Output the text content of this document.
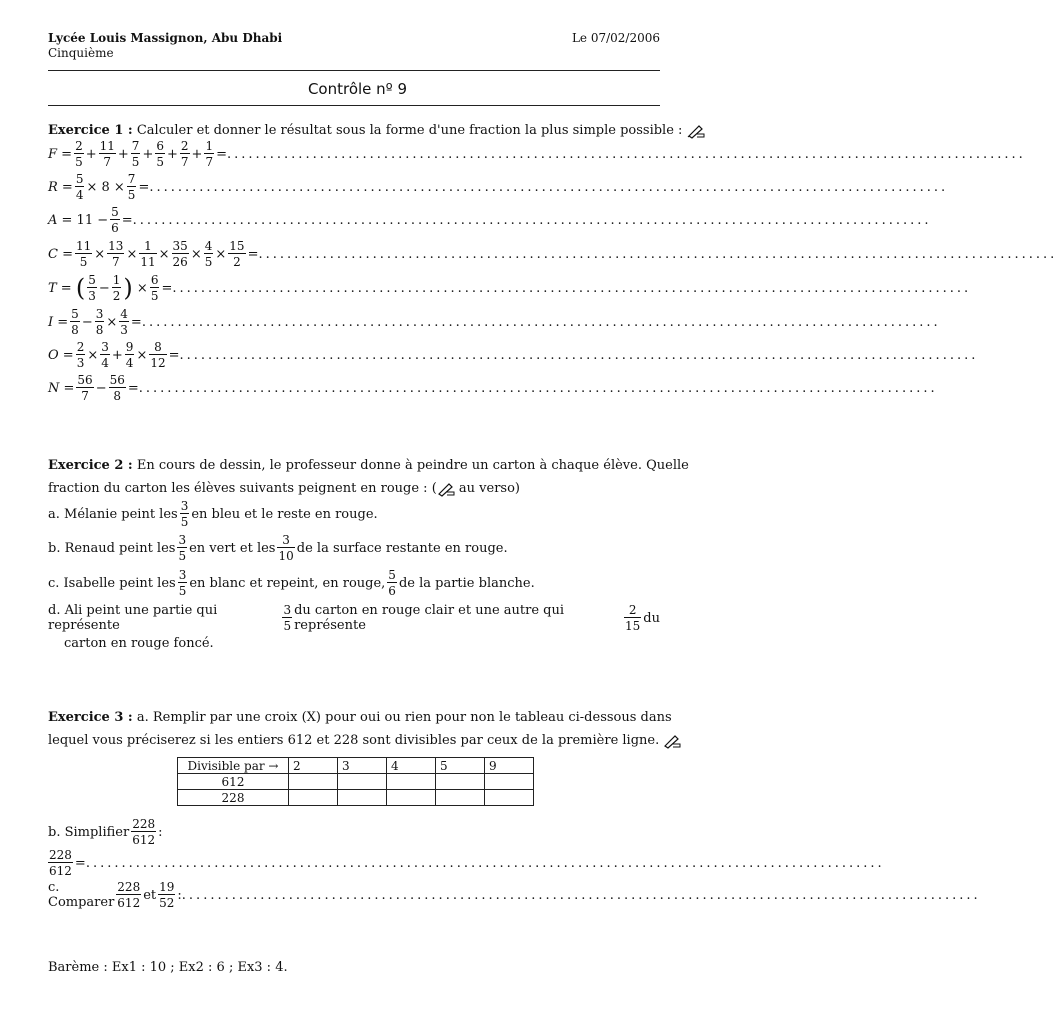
Lycée Louis Massignon, Abu Dhabi
Cinquième
Le 07/02/2006
Contrôle nº 9
Exercice 1 : Calculer et donner le résultat sous la forme d'une fraction la plus simple possible :
$F = \frac{2}{5} + \frac{11}{7} + \frac{7}{5} + \frac{6}{5} + \frac{2}{7} + \frac{1}{7}$ = ................................................................................................................
$R = \frac{5}{4} \times 8 \times \frac{7}{5}$ = ................................................................................................................
$A = 11 - \frac{5}{6}$ = ................................................................................................................
$C = \frac{11}{5} \times \frac{13}{7} \times \frac{1}{11} \times \frac{35}{26} \times \frac{4}{5} \times \frac{15}{2}$ = ................................................................................................................
T = ( $\frac{5}{3} - \frac{1}{2}$ ) × $\frac{6}{5}$ = ................................................................................................................
$I = \frac{5}{8} - \frac{3}{8} \times \frac{4}{3}$ = ................................................................................................................
$O = \frac{2}{3} \times \frac{3}{4} + \frac{9}{4} \times \frac{8}{12}$ = ................................................................................................................
$N = \frac{56}{7} - \frac{56}{8}$ = ................................................................................................................
Exercice 2 : En cours de dessin, le professeur donne à peindre un carton à chaque élève. Quelle
fraction du carton les élèves suivants peignent en rouge : ( au verso)
a. Mélanie peint les $\frac{3}{5}$ en bleu et le reste en rouge.
b. Renaud peint les $\frac{3}{5}$ en vert et les $\frac{3}{10}$ de la surface restante en rouge.
c. Isabelle peint les $\frac{3}{5}$ en blanc et repeint, en rouge, $\frac{5}{6}$ de la partie blanche.
d. Ali peint une partie qui représente	$\frac{3}{5}$ du carton en rouge clair et une autre qui représente	$\frac{2}{15}$ du
carton en rouge foncé.
Exercice 3 : a. Remplir par une croix (X) pour oui ou rien pour non le tableau ci-dessous dans
lequel vous préciserez si les entiers 612 et 228 sont divisibles par ceux de la première ligne.
Divisible par →	2	3	4	5	9
612					
228					
b. Simplifier $\frac{228}{612}$ :
$\frac{228}{612}$ = ................................................................................................................
c. Comparer $\frac{228}{612}$ et $\frac{19}{52}$ : ................................................................................................................
Barème : Ex1 : 10 ; Ex2 : 6 ; Ex3 : 4.
